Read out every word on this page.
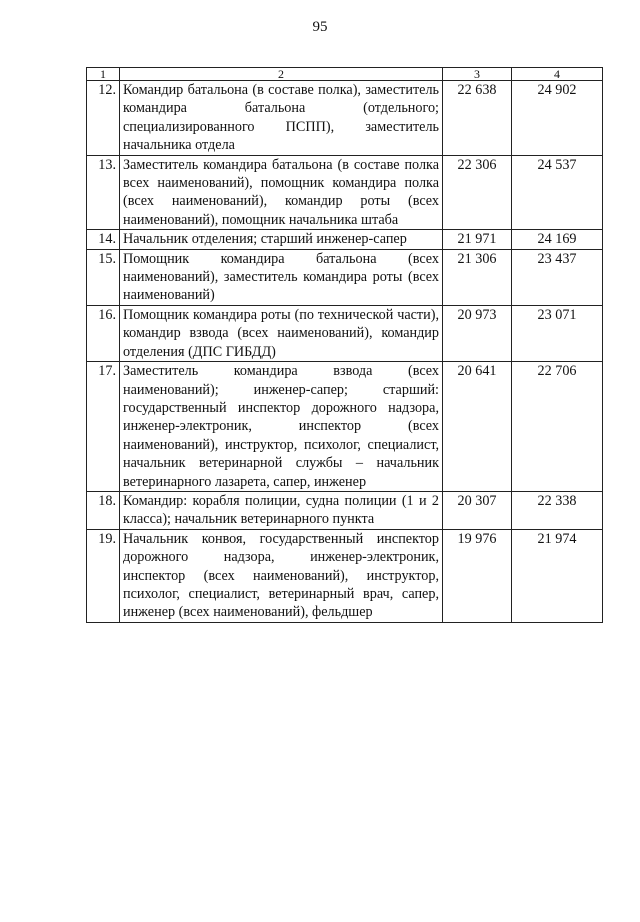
95
1	2	3	4
12.	Командир батальона (в составе полка), заместитель командира батальона (отдельного; специализированного ПСПП), заместитель начальника отдела	22 638	24 902
13.	Заместитель командира батальона (в составе полка всех наименований), помощник командира полка (всех наименований), командир роты (всех наименований), помощник начальника штаба	22 306	24 537
14.	Начальник отделения; старший инженер-сапер	21 971	24 169
15.	Помощник командира батальона (всех наименований), заместитель командира роты (всех наименований)	21 306	23 437
16.	Помощник командира роты (по технической части), командир взвода (всех наименований), командир отделения (ДПС ГИБДД)	20 973	23 071
17.	Заместитель командира взвода (всех наименований); инженер-сапер; старший: государственный инспектор дорожного надзора, инженер-электроник, инспектор (всех наименований), инструктор, психолог, специалист, начальник ветеринарной службы – начальник ветеринарного лазарета, сапер, инженер	20 641	22 706
18.	Командир: корабля полиции, судна полиции (1 и 2 класса); начальник ветеринарного пункта	20 307	22 338
19.	Начальник конвоя, государственный инспектор дорожного надзора, инженер-электроник, инспектор (всех наименований), инструктор, психолог, специалист, ветеринарный врач, сапер, инженер (всех наименований), фельдшер	19 976	21 974
